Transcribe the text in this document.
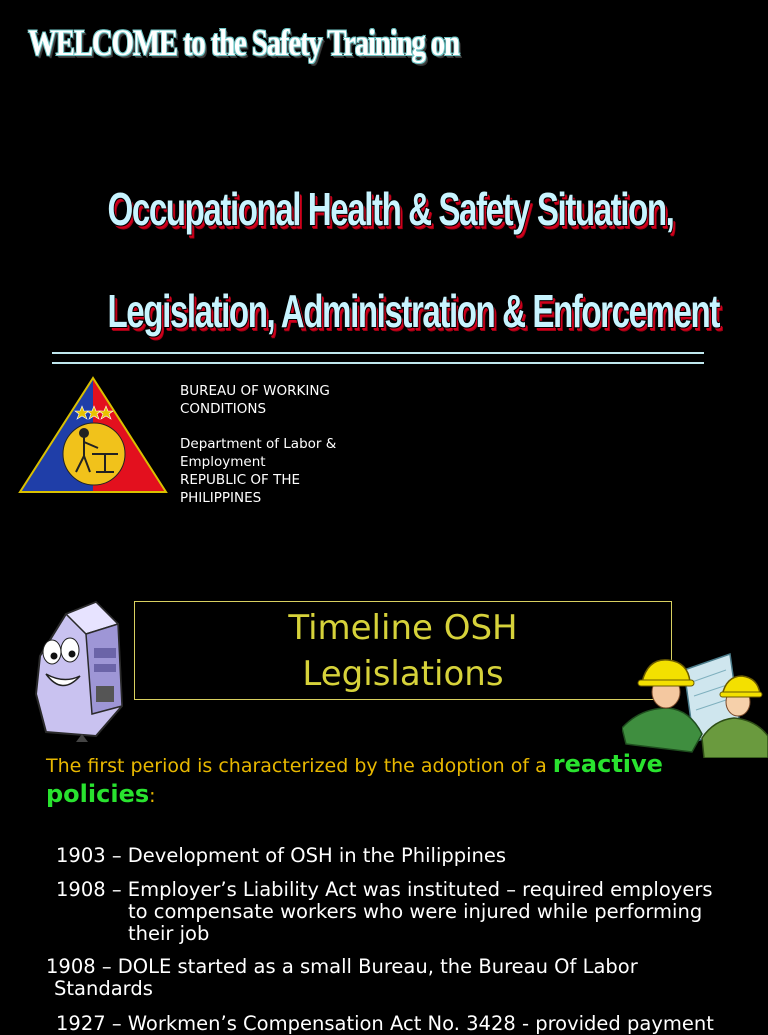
WELCOME to the Safety Training on
Occupational Health & Safety Situation,
Legislation, Administration & Enforcement
BUREAU OF WORKING CONDITIONS
Department of Labor & Employment
REPUBLIC OF THE PHILIPPINES
Timeline OSH
Legislations
The first period is characterized by the adoption of a reactive policies:
1903 – Development of OSH in the Philippines
1908 – Employer’s Liability Act was instituted – required employers
to compensate workers who were injured while performing their job
1908 – DOLE started as a small Bureau, the Bureau Of Labor
Standards
1927 – Workmen’s Compensation Act No. 3428 - provided payment
